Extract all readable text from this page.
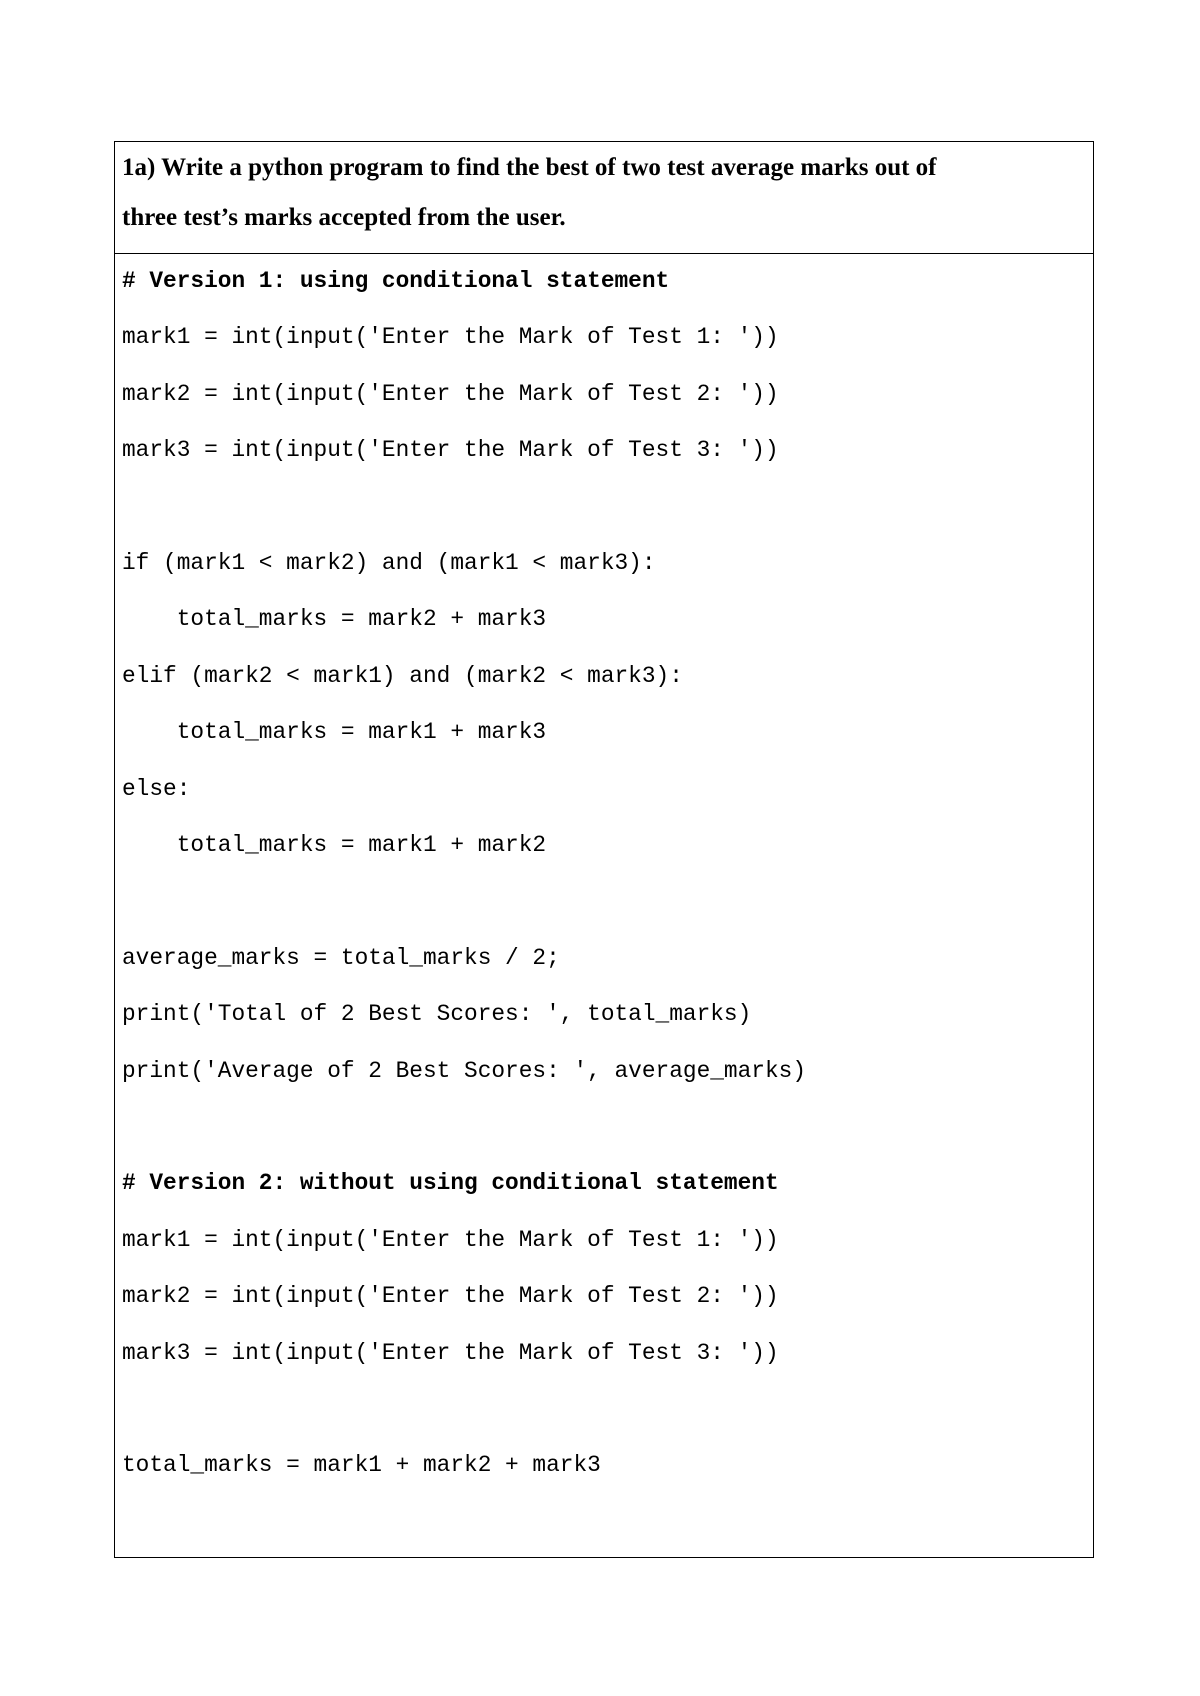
1a) Write a python program to find the best of two test average marks out of
three test’s marks accepted from the user.
# Version 1: using conditional statement
mark1 = int(input('Enter the Mark of Test 1: '))
mark2 = int(input('Enter the Mark of Test 2: '))
mark3 = int(input('Enter the Mark of Test 3: '))
if (mark1 < mark2) and (mark1 < mark3):
total_marks = mark2 + mark3
elif (mark2 < mark1) and (mark2 < mark3):
total_marks = mark1 + mark3
else:
total_marks = mark1 + mark2
average_marks = total_marks / 2;
print('Total of 2 Best Scores: ', total_marks)
print('Average of 2 Best Scores: ', average_marks)
# Version 2: without using conditional statement
mark1 = int(input('Enter the Mark of Test 1: '))
mark2 = int(input('Enter the Mark of Test 2: '))
mark3 = int(input('Enter the Mark of Test 3: '))
total_marks = mark1 + mark2 + mark3
